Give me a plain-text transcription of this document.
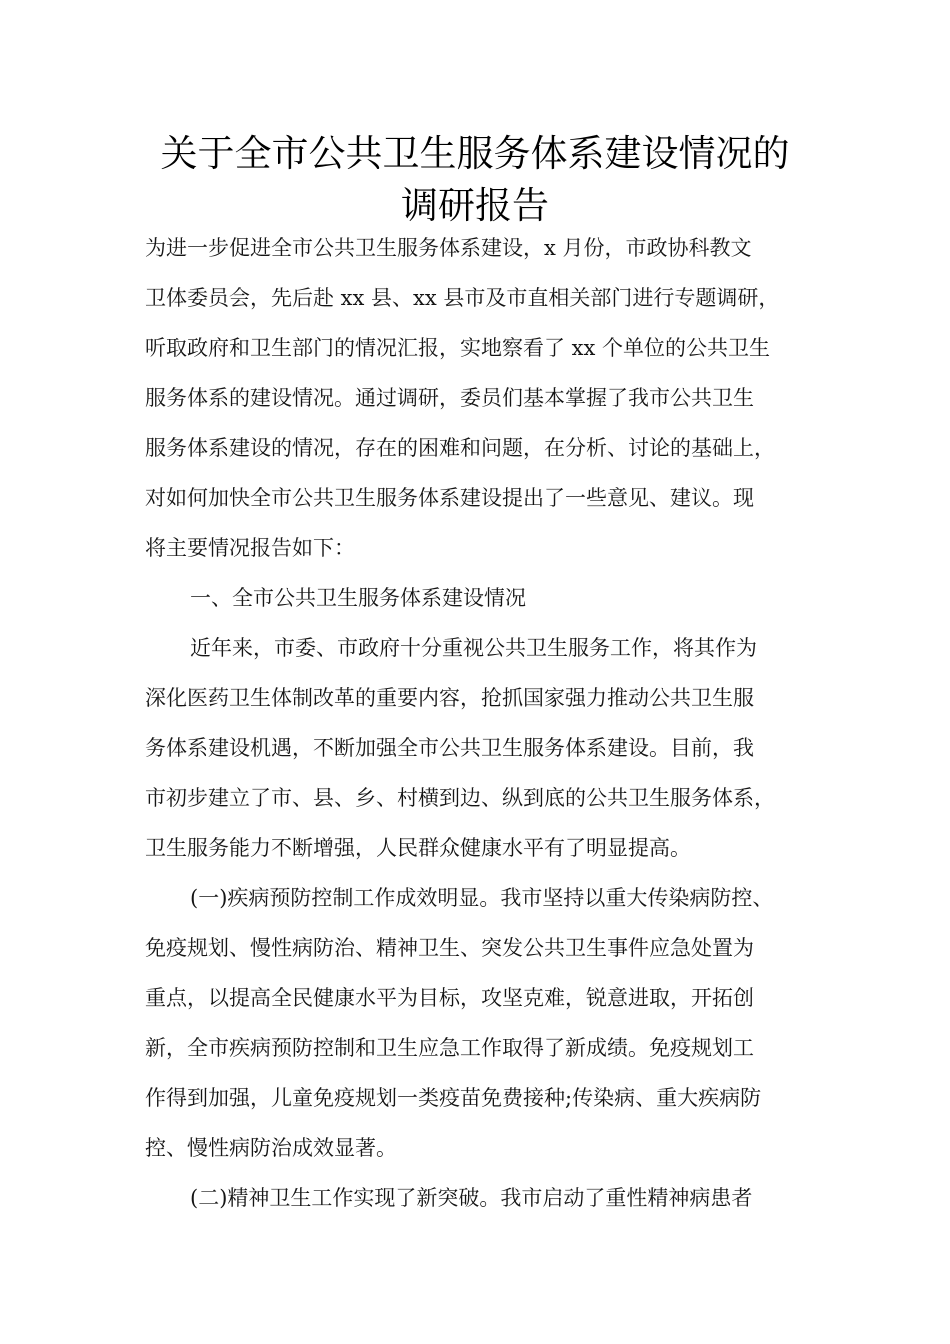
关于全市公共卫生服务体系建设情况的
调研报告
为进一步促进全市公共卫生服务体系建设，x 月份，市政协科教文
卫体委员会，先后赴 xx 县、xx 县市及市直相关部门进行专题调研，
听取政府和卫生部门的情况汇报，实地察看了 xx 个单位的公共卫生
服务体系的建设情况。通过调研，委员们基本掌握了我市公共卫生
服务体系建设的情况，存在的困难和问题，在分析、讨论的基础上，
对如何加快全市公共卫生服务体系建设提出了一些意见、建议。现
将主要情况报告如下：
一、全市公共卫生服务体系建设情况
近年来，市委、市政府十分重视公共卫生服务工作，将其作为
深化医药卫生体制改革的重要内容，抢抓国家强力推动公共卫生服
务体系建设机遇，不断加强全市公共卫生服务体系建设。目前，我
市初步建立了市、县、乡、村横到边、纵到底的公共卫生服务体系，
卫生服务能力不断增强，人民群众健康水平有了明显提高。
(一)疾病预防控制工作成效明显。我市坚持以重大传染病防控、
免疫规划、慢性病防治、精神卫生、突发公共卫生事件应急处置为
重点，以提高全民健康水平为目标，攻坚克难，锐意进取，开拓创
新，全市疾病预防控制和卫生应急工作取得了新成绩。免疫规划工
作得到加强，儿童免疫规划一类疫苗免费接种;传染病、重大疾病防
控、慢性病防治成效显著。
(二)精神卫生工作实现了新突破。我市启动了重性精神病患者
